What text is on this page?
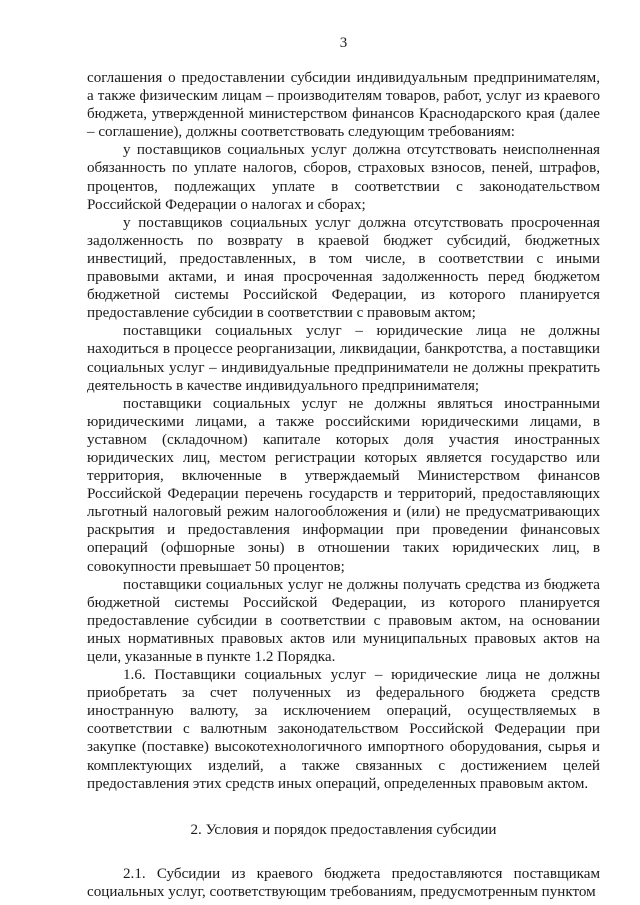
3

соглашения о предоставлении субсидии индивидуальным предпринимателям, а также физическим лицам – производителям товаров, работ, услуг из краевого бюджета, утвержденной министерством финансов Краснодарского края (далее – соглашение), должны соответствовать следующим требованиям:

у поставщиков социальных услуг должна отсутствовать неисполненная обязанность по уплате налогов, сборов, страховых взносов, пеней, штрафов, процентов, подлежащих уплате в соответствии с законодательством Российской Федерации о налогах и сборах;

у поставщиков социальных услуг должна отсутствовать просроченная задолженность по возврату в краевой бюджет субсидий, бюджетных инвестиций, предоставленных, в том числе, в соответствии с иными правовыми актами, и иная просроченная задолженность перед бюджетом бюджетной системы Российской Федерации, из которого планируется предоставление субсидии в соответствии с правовым актом;

поставщики социальных услуг – юридические лица не должны находиться в процессе реорганизации, ликвидации, банкротства, а поставщики социальных услуг – индивидуальные предприниматели не должны прекратить деятельность в качестве индивидуального предпринимателя;

поставщики социальных услуг не должны являться иностранными юридическими лицами, а также российскими юридическими лицами, в уставном (складочном) капитале которых доля участия иностранных юридических лиц, местом регистрации которых является государство или территория, включенные в утверждаемый Министерством финансов Российской Федерации перечень государств и территорий, предоставляющих льготный налоговый режим налогообложения и (или) не предусматривающих раскрытия и предоставления информации при проведении финансовых операций (офшорные зоны) в отношении таких юридических лиц, в совокупности превышает 50 процентов;

поставщики социальных услуг не должны получать средства из бюджета бюджетной системы Российской Федерации, из которого планируется предоставление субсидии в соответствии с правовым актом, на основании иных нормативных правовых актов или муниципальных правовых актов на цели, указанные в пункте 1.2 Порядка.

1.6. Поставщики социальных услуг – юридические лица не должны приобретать за счет полученных из федерального бюджета средств иностранную валюту, за исключением операций, осуществляемых в соответствии с валютным законодательством Российской Федерации при закупке (поставке) высокотехнологичного импортного оборудования, сырья и комплектующих изделий, а также связанных с достижением целей предоставления этих средств иных операций, определенных правовым актом.

2. Условия и порядок предоставления субсидии

2.1. Субсидии из краевого бюджета предоставляются поставщикам социальных услуг, соответствующим требованиям, предусмотренным пунктом
